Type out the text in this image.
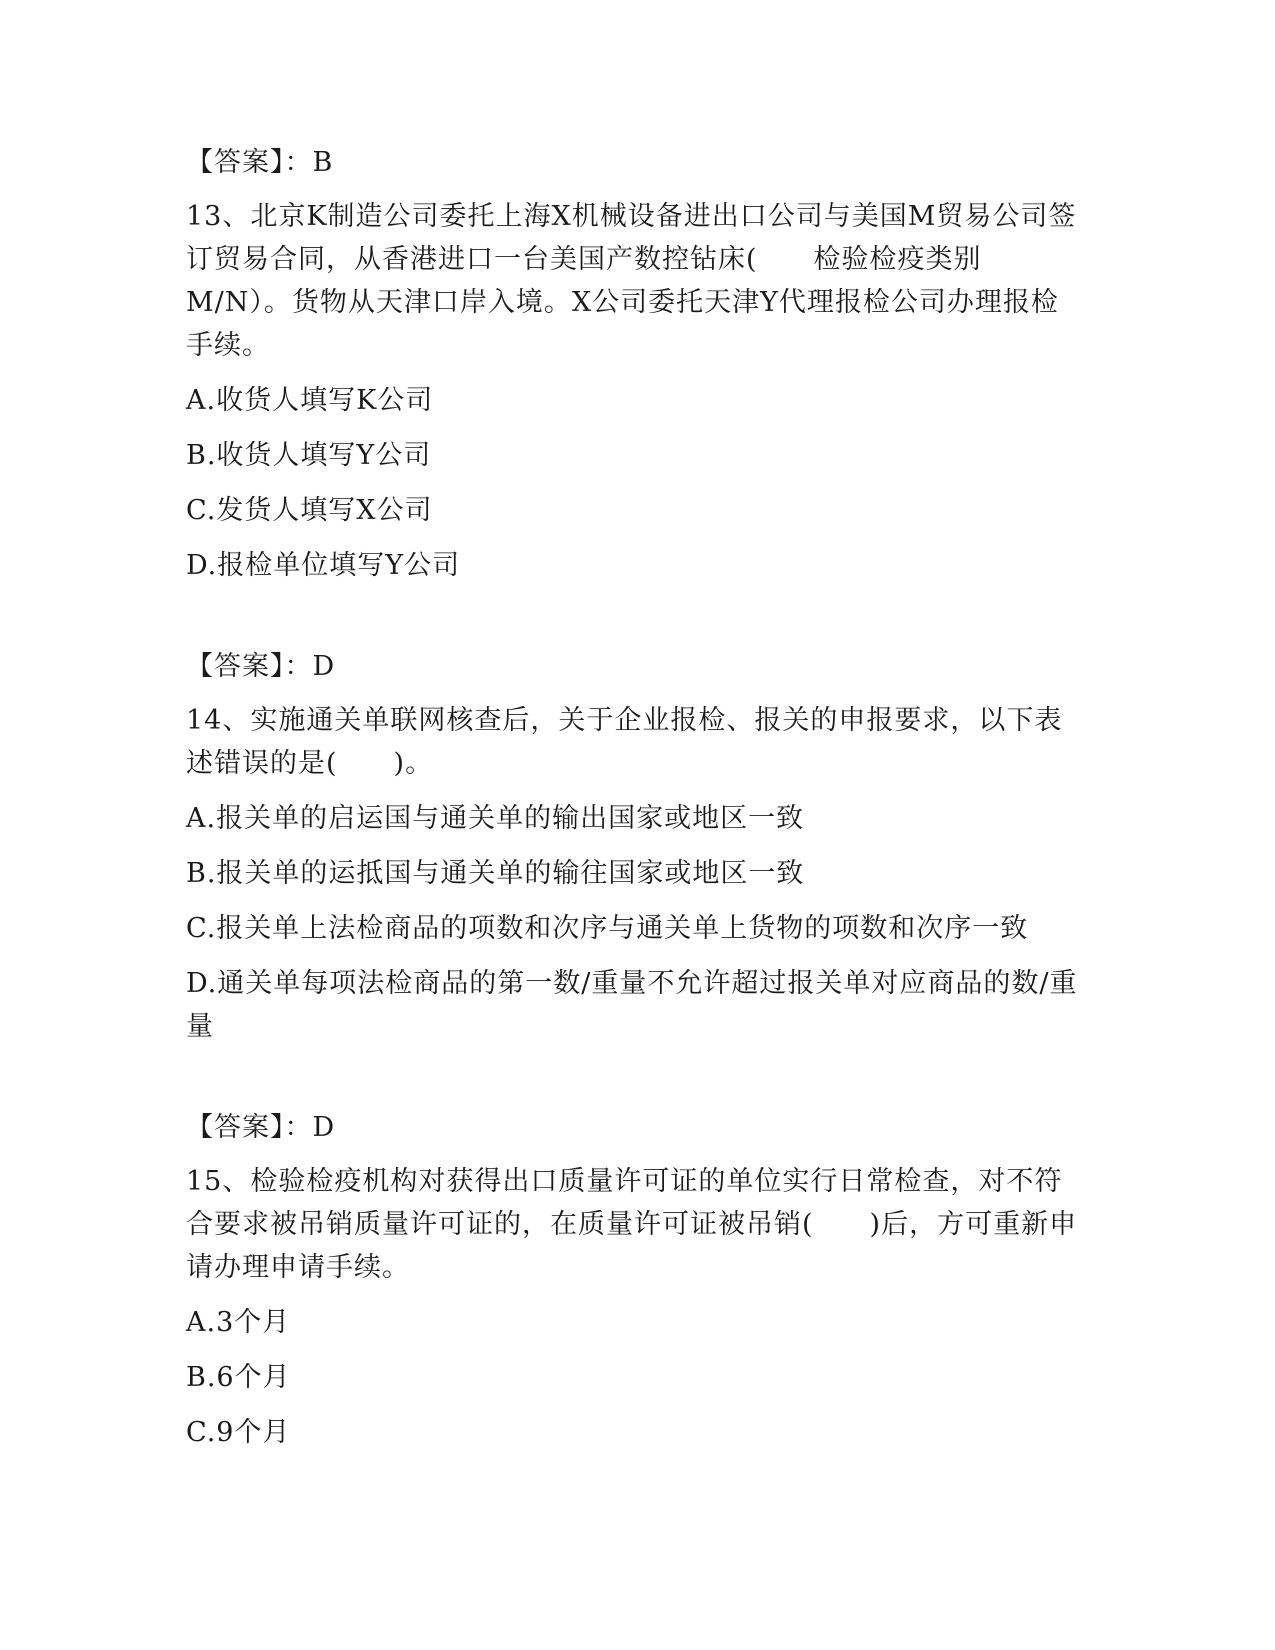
【答案】：B
13、北京K制造公司委托上海X机械设备进出口公司与美国M贸易公司签订贸易合同，从香港进口一台美国产数控钻床(　　检验检疫类别M/N）。货物从天津口岸入境。X公司委托天津Y代理报检公司办理报检手续。
A.收货人填写K公司
B.收货人填写Y公司
C.发货人填写X公司
D.报检单位填写Y公司
【答案】：D
14、实施通关单联网核查后，关于企业报检、报关的申报要求，以下表述错误的是(　　)。
A.报关单的启运国与通关单的输出国家或地区一致
B.报关单的运抵国与通关单的输往国家或地区一致
C.报关单上法检商品的项数和次序与通关单上货物的项数和次序一致
D.通关单每项法检商品的第一数/重量不允许超过报关单对应商品的数/重量
【答案】：D
15、检验检疫机构对获得出口质量许可证的单位实行日常检查，对不符合要求被吊销质量许可证的，在质量许可证被吊销(　　)后，方可重新申请办理申请手续。
A.3个月
B.6个月
C.9个月
